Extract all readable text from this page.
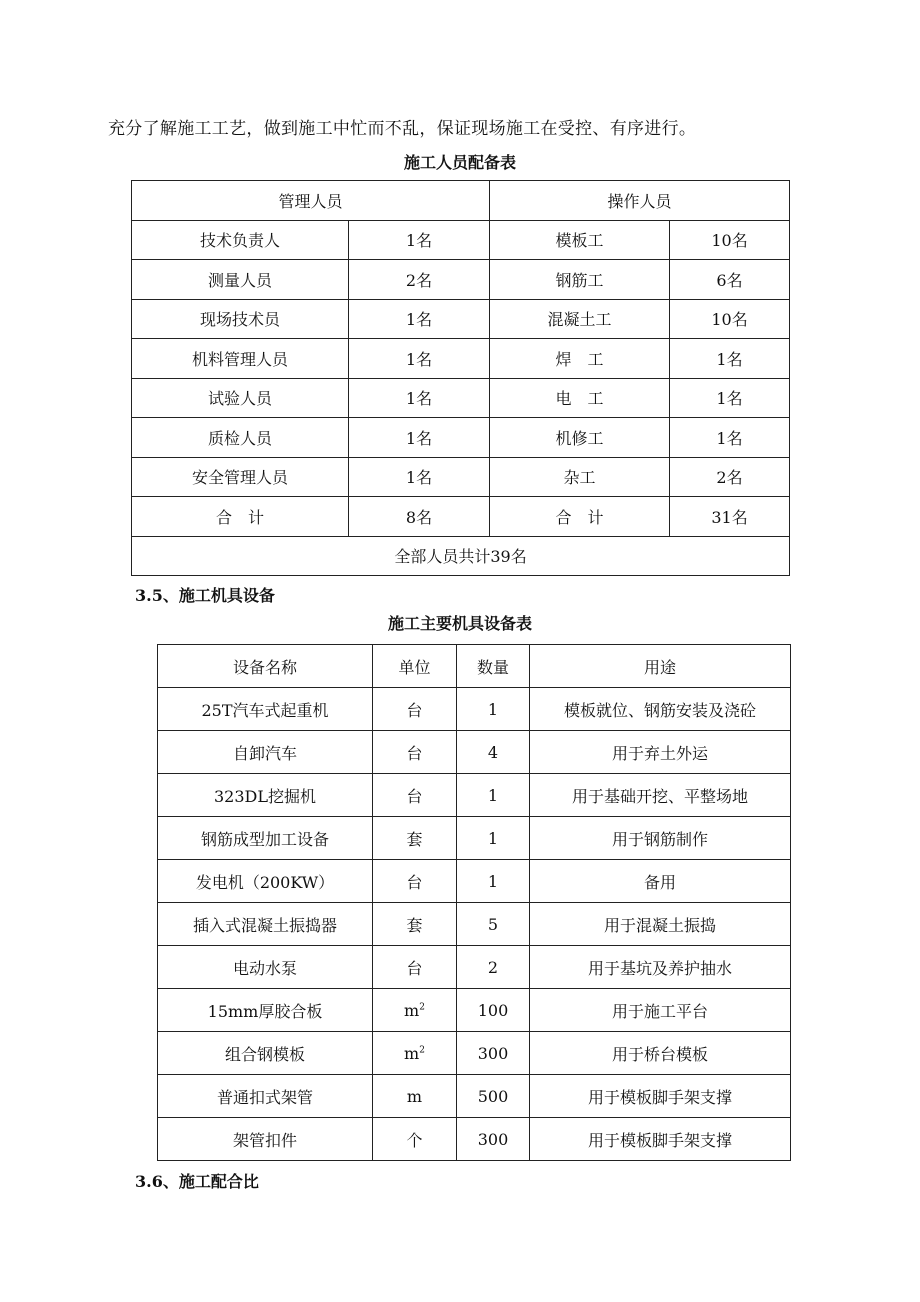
充分了解施工工艺，做到施工中忙而不乱，保证现场施工在受控、有序进行。
施工人员配备表
管理人员		操作人员	
技术负责人	1名	模板工	10名
测量人员	2名	钢筋工	6名
现场技术员	1名	混凝土工	10名
机料管理人员	1名	焊　工	1名
试验人员	1名	电　工	1名
质检人员	1名	机修工	1名
安全管理人员	1名	杂工	2名
合　计	8名	合　计	31名
全部人员共计39名			
3.5、施工机具设备
施工主要机具设备表
设备名称	单位	数量	用途
25T汽车式起重机	台	1	模板就位、钢筋安装及浇砼
自卸汽车	台	4	用于弃土外运
323DL挖掘机	台	1	用于基础开挖、平整场地
钢筋成型加工设备	套	1	用于钢筋制作
发电机（200KW）	台	1	备用
插入式混凝土振捣器	套	5	用于混凝土振捣
电动水泵	台	2	用于基坑及养护抽水
15mm厚胶合板	$m^2$	100	用于施工平台
组合钢模板	$m^2$	300	用于桥台模板
普通扣式架管	m	500	用于模板脚手架支撑
架管扣件	个	300	用于模板脚手架支撑
3.6、施工配合比
